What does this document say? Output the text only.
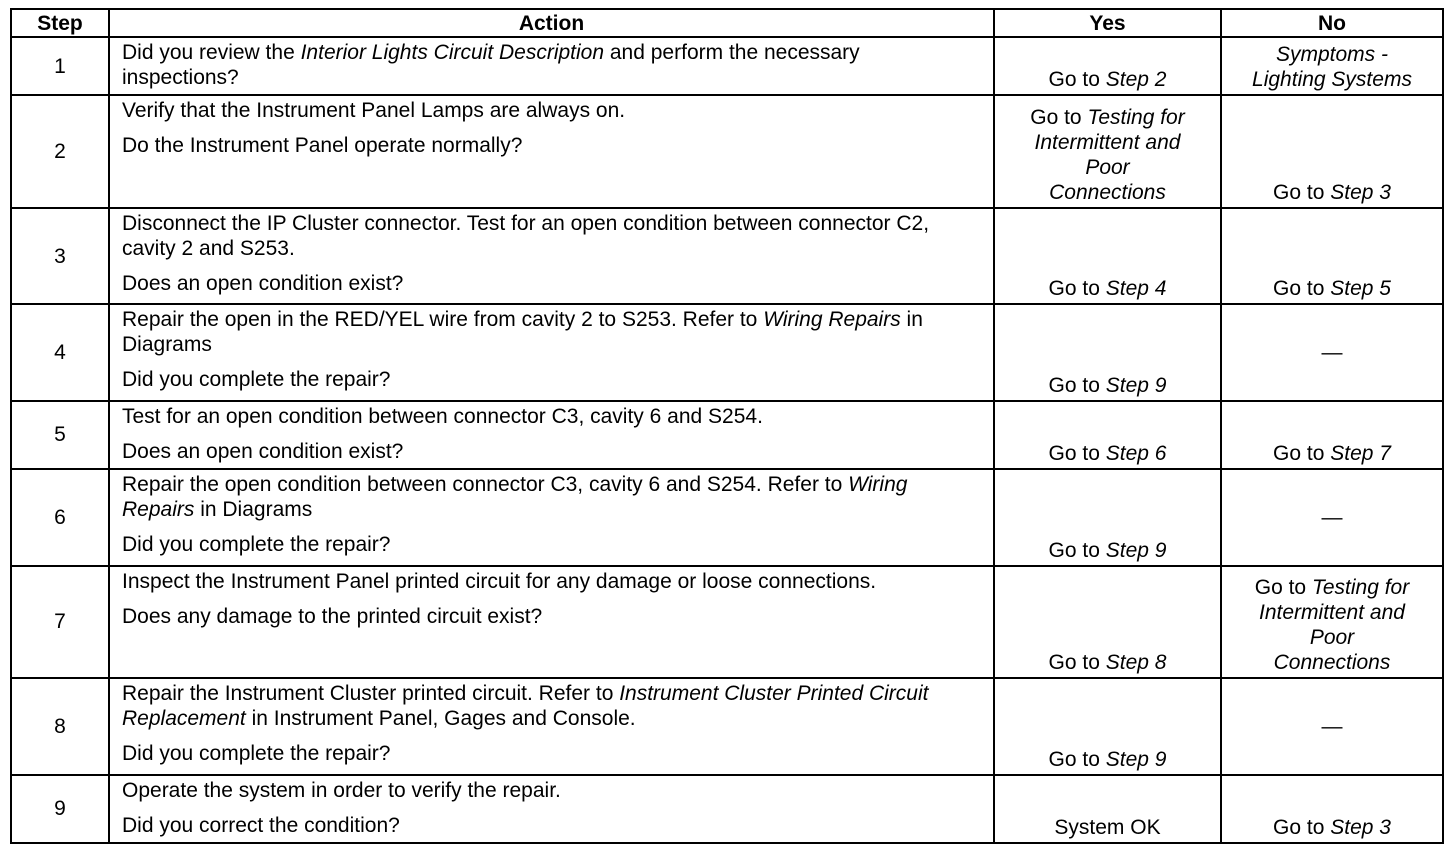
Step	Action	Yes	No
1	Did you review the Interior Lights Circuit Description and perform the necessary inspections?	Go to Step 2	Symptoms -
Lighting Systems
2	Verify that the Instrument Panel Lamps are always on.
Do the Instrument Panel operate normally?	Go to Testing for
Intermittent and
Poor
Connections	Go to Step 3
3	Disconnect the IP Cluster connector. Test for an open condition between connector C2, cavity 2 and S253.
Does an open condition exist?	Go to Step 4	Go to Step 5
4	Repair the open in the RED/YEL wire from cavity 2 to S253. Refer to Wiring Repairs in Diagrams
Did you complete the repair?	Go to Step 9	—
5	Test for an open condition between connector C3, cavity 6 and S254.
Does an open condition exist?	Go to Step 6	Go to Step 7
6	Repair the open condition between connector C3, cavity 6 and S254. Refer to Wiring Repairs in Diagrams
Did you complete the repair?	Go to Step 9	—
7	Inspect the Instrument Panel printed circuit for any damage or loose connections.
Does any damage to the printed circuit exist?	Go to Step 8	Go to Testing for
Intermittent and
Poor
Connections
8	Repair the Instrument Cluster printed circuit. Refer to Instrument Cluster Printed Circuit Replacement in Instrument Panel, Gages and Console.
Did you complete the repair?	Go to Step 9	—
9	Operate the system in order to verify the repair.
Did you correct the condition?	System OK	Go to Step 3
